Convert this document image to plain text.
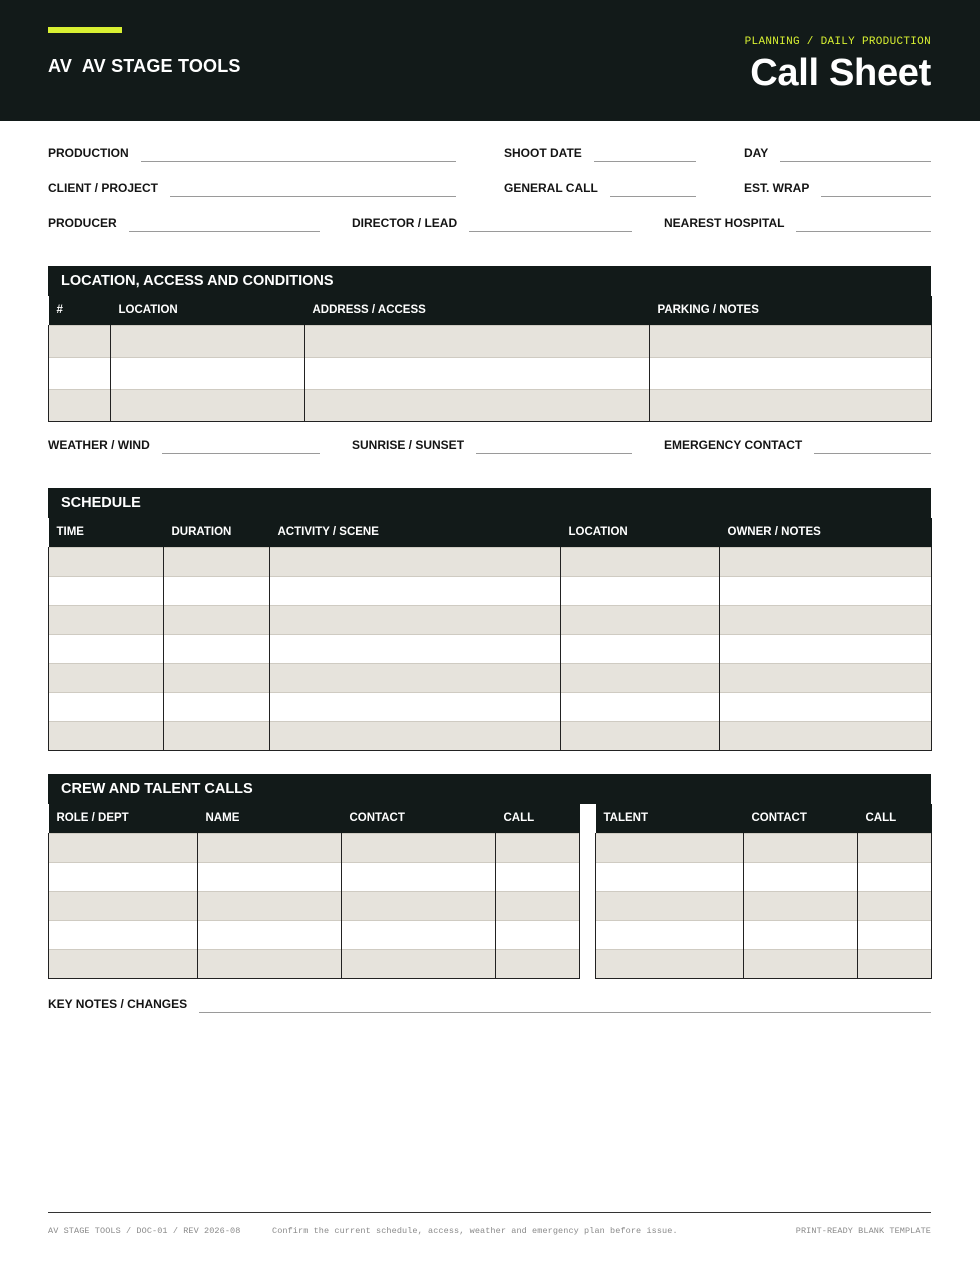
AV AV STAGE TOOLS
PLANNING / DAILY PRODUCTION
Call Sheet
PRODUCTION	SHOOT DATE	DAY
CLIENT / PROJECT	GENERAL CALL	EST. WRAP
PRODUCER	DIRECTOR / LEAD	NEAREST HOSPITAL
LOCATION, ACCESS AND CONDITIONS
#	LOCATION	ADDRESS / ACCESS	PARKING / NOTES

WEATHER / WIND	SUNRISE / SUNSET	EMERGENCY CONTACT
SCHEDULE
TIME	DURATION	ACTIVITY / SCENE	LOCATION	OWNER / NOTES

CREW AND TALENT CALLS
ROLE / DEPT	NAME	CONTACT	CALL

				TALENT	CONTACT	CALL

KEY NOTES / CHANGES
AV STAGE TOOLS / DOC-01 / REV 2026-08	Confirm the current schedule, access, weather and emergency plan before issue.	PRINT-READY BLANK TEMPLATE
